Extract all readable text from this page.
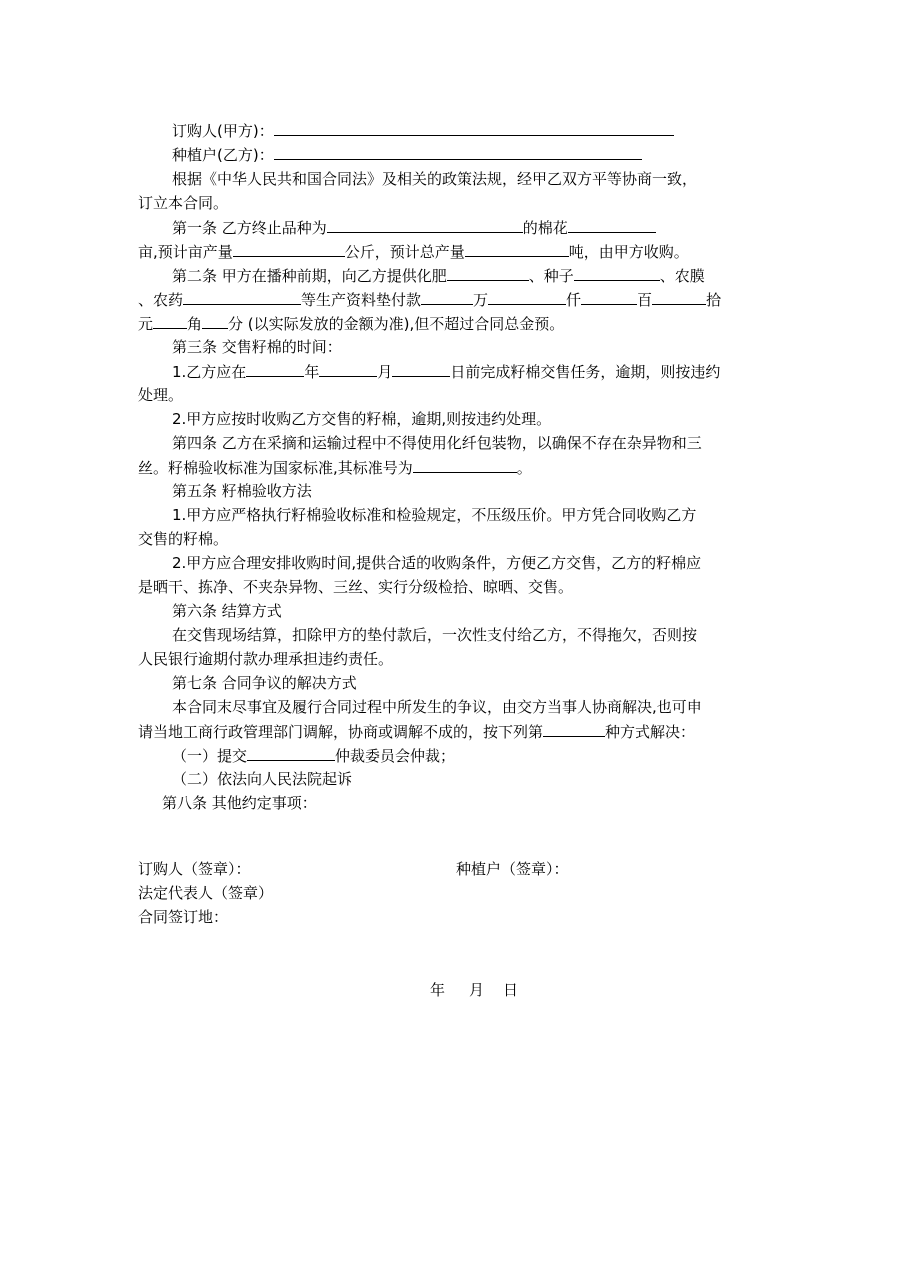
订购人(甲方)：
种植户(乙方)：
根据《中华人民共和国合同法》及相关的政策法规，经甲乙双方平等协商一致，
订立本合同。
第一条 乙方终止品种为	的棉花
亩,预计亩产量	公斤，预计总产量	吨，由甲方收购。
第二条 甲方在播种前期，向乙方提供化肥	、种子	、农膜
、农药	等生产资料垫付款	万	仟	百	拾
元 角 分 (以实际发放的金额为准),但不超过合同总金预。
第三条 交售籽棉的时间：
1.乙方应在	年	月	日前完成籽棉交售任务，逾期，则按违约
处理。
2.甲方应按时收购乙方交售的籽棉，逾期,则按违约处理。
第四条 乙方在采摘和运输过程中不得使用化纤包装物，以确保不存在杂异物和三
丝。籽棉验收标准为国家标准,其标准号为	。
第五条 籽棉验收方法
1.甲方应严格执行籽棉验收标准和检验规定，不压级压价。甲方凭合同收购乙方
交售的籽棉。
2.甲方应合理安排收购时间,提供合适的收购条件，方便乙方交售，乙方的籽棉应
是晒干、拣净、不夹杂异物、三丝、实行分级检拾、晾晒、交售。
第六条 结算方式
在交售现场结算，扣除甲方的垫付款后，一次性支付给乙方，不得拖欠，否则按
人民银行逾期付款办理承担违约责任。
第七条 合同争议的解决方式
本合同末尽事宜及履行合同过程中所发生的争议，由交方当事人协商解决,也可申
请当地工商行政管理部门调解，协商或调解不成的，按下列第	种方式解决：
（一）提交	仲裁委员会仲裁；
（二）依法向人民法院起诉
第八条 其他约定事项：
订购人（签章）：	种植户（签章）：
法定代表人（签章）
合同签订地：
年 月 日
